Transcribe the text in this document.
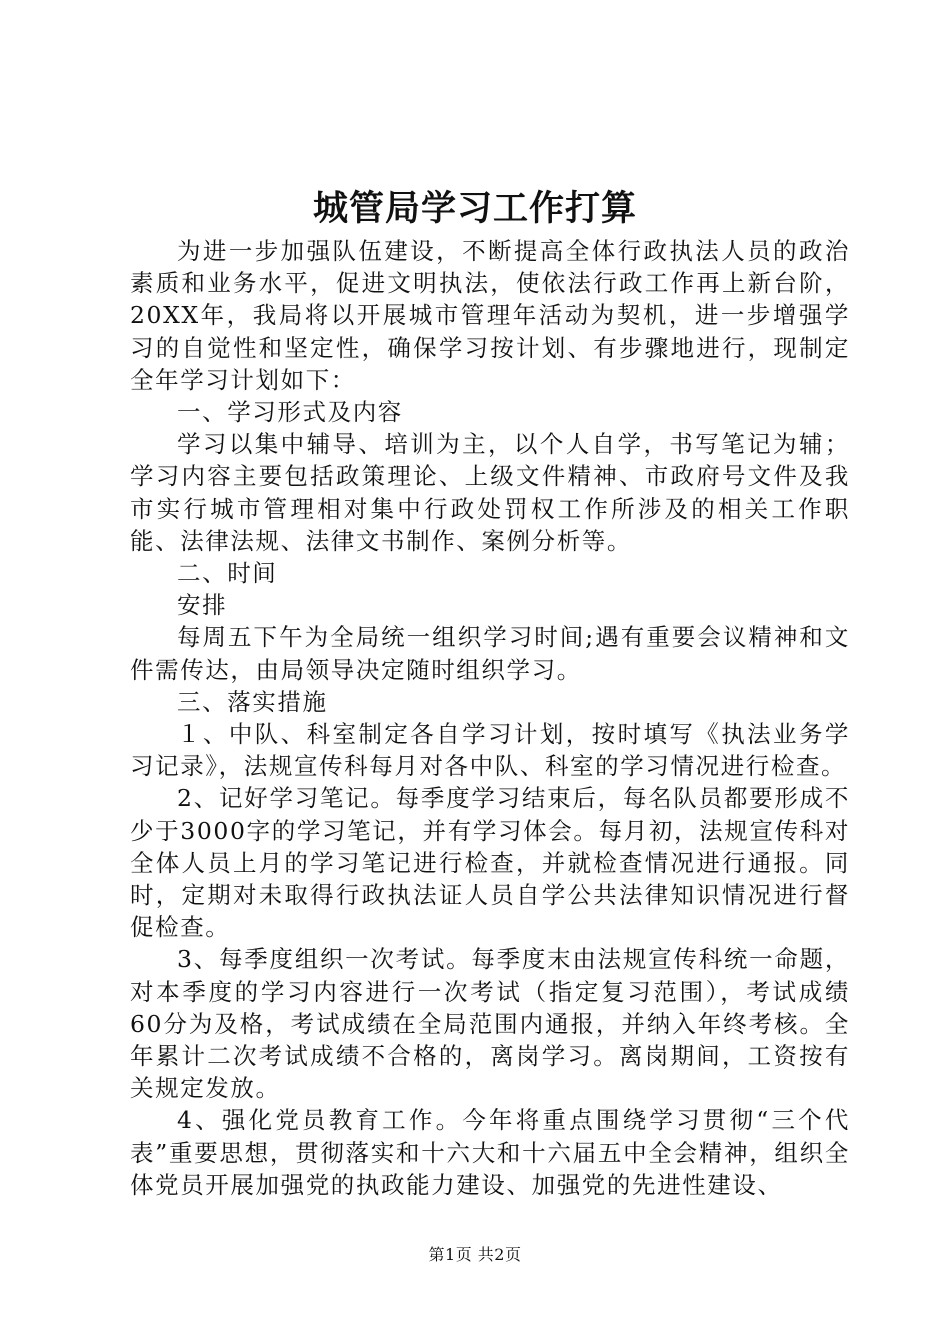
城管局学习工作打算

为进一步加强队伍建设，不断提高全体行政执法人员的政治素质和业务水平，促进文明执法，使依法行政工作再上新台阶，20XX年，我局将以开展城市管理年活动为契机，进一步增强学习的自觉性和坚定性，确保学习按计划、有步骤地进行，现制定全年学习计划如下：

一、学习形式及内容

学习以集中辅导、培训为主，以个人自学，书写笔记为辅；学习内容主要包括政策理论、上级文件精神、市政府号文件及我市实行城市管理相对集中行政处罚权工作所涉及的相关工作职能、法律法规、法律文书制作、案例分析等。

二、时间

安排

每周五下午为全局统一组织学习时间;遇有重要会议精神和文件需传达，由局领导决定随时组织学习。

三、落实措施

１、中队、科室制定各自学习计划，按时填写《执法业务学习记录》，法规宣传科每月对各中队、科室的学习情况进行检查。

2、记好学习笔记。每季度学习结束后，每名队员都要形成不少于3000字的学习笔记，并有学习体会。每月初，法规宣传科对全体人员上月的学习笔记进行检查，并就检查情况进行通报。同时，定期对未取得行政执法证人员自学公共法律知识情况进行督促检查。

3、每季度组织一次考试。每季度末由法规宣传科统一命题，对本季度的学习内容进行一次考试（指定复习范围），考试成绩60分为及格，考试成绩在全局范围内通报，并纳入年终考核。全年累计二次考试成绩不合格的，离岗学习。离岗期间，工资按有关规定发放。

4、强化党员教育工作。今年将重点围绕学习贯彻“三个代表”重要思想，贯彻落实和十六大和十六届五中全会精神，组织全体党员开展加强党的执政能力建设、加强党的先进性建设、

第1页 共2页
